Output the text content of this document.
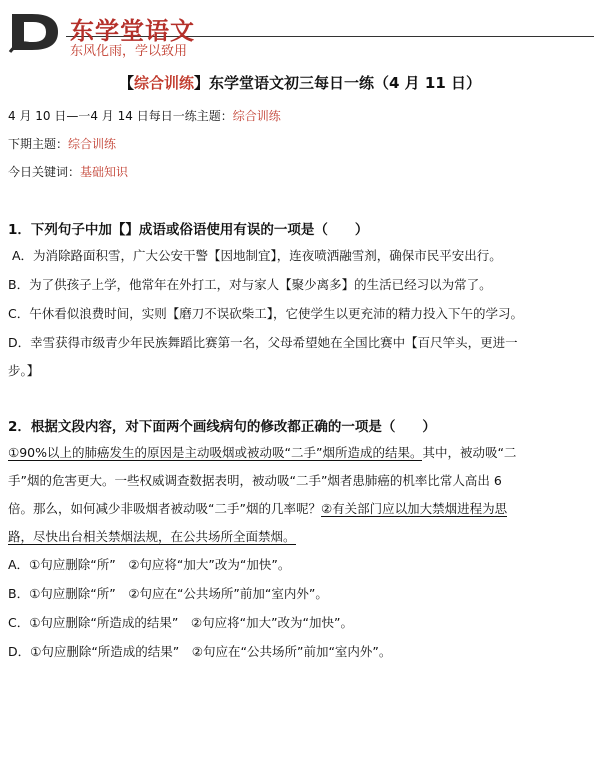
东学堂语文
东风化雨，学以致用
【综合训练】东学堂语文初三每日一练（4 月 11 日）
4 月 10 日—一4 月 14 日每日一练主题：综合训练
下期主题：综合训练
今日关键词：基础知识
1．下列句子中加【】成语或俗语使用有误的一项是（　　）
A．为消除路面积雪，广大公安干警【因地制宜】，连夜喷洒融雪剂，确保市民平安出行。
B．为了供孩子上学，他常年在外打工，对与家人【聚少离多】的生活已经习以为常了。
C．午休看似浪费时间，实则【磨刀不误砍柴工】，它使学生以更充沛的精力投入下午的学习。
D．幸雪获得市级青少年民族舞蹈比赛第一名，父母希望她在全国比赛中【百尺竿头，更进一
步。】
2．根据文段内容，对下面两个画线病句的修改都正确的一项是（　　）
①90%以上的肺癌发生的原因是主动吸烟或被动吸“二手”烟所造成的结果。其中，被动吸“二
手”烟的危害更大。一些权威调查数据表明，被动吸“二手”烟者患肺癌的机率比常人高出 6
倍。那么，如何减少非吸烟者被动吸“二手”烟的几率呢？②有关部门应以加大禁烟进程为思
路，尽快出台相关禁烟法规，在公共场所全面禁烟。
A．①句应删除“所”　②句应将“加大”改为“加快”。
B．①句应删除“所”　②句应在“公共场所”前加“室内外”。
C．①句应删除“所造成的结果”　②句应将“加大”改为“加快”。
D．①句应删除“所造成的结果”　②句应在“公共场所”前加“室内外”。
